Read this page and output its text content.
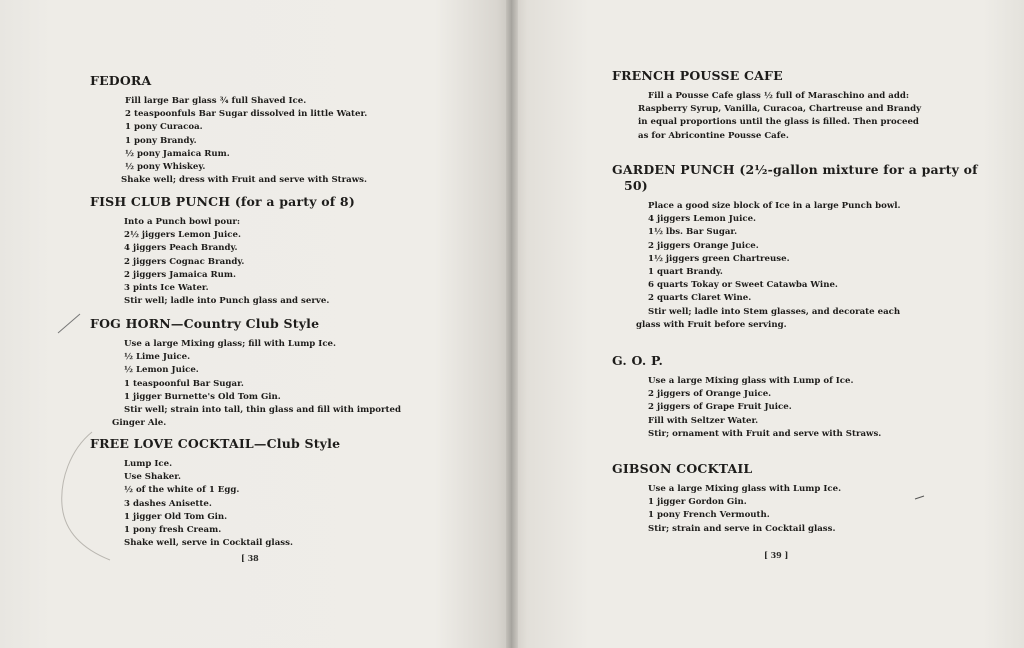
FEDORA
Fill large Bar glass ¾ full Shaved Ice.
2 teaspoonfuls Bar Sugar dissolved in little Water.
1 pony Curacoa.
1 pony Brandy.
½ pony Jamaica Rum.
½ pony Whiskey.
Shake well; dress with Fruit and serve with Straws.
FISH CLUB PUNCH (for a party of 8)
Into a Punch bowl pour:
2½ jiggers Lemon Juice.
4 jiggers Peach Brandy.
2 jiggers Cognac Brandy.
2 jiggers Jamaica Rum.
3 pints Ice Water.
Stir well; ladle into Punch glass and serve.
FOG HORN—Country Club Style
Use a large Mixing glass; fill with Lump Ice.
½ Lime Juice.
½ Lemon Juice.
1 teaspoonful Bar Sugar.
1 jigger Burnette's Old Tom Gin.
Stir well; strain into tall, thin glass and fill with imported
Ginger Ale.
FREE LOVE COCKTAIL—Club Style
Lump Ice.
Use Shaker.
½ of the white of 1 Egg.
3 dashes Anisette.
1 jigger Old Tom Gin.
1 pony fresh Cream.
Shake well, serve in Cocktail glass.
[ 38
FRENCH POUSSE CAFE
Fill a Pousse Cafe glass ½ full of Maraschino and add:
Raspberry Syrup, Vanilla, Curacoa, Chartreuse and Brandy
in equal proportions until the glass is filled. Then proceed
as for Abricontine Pousse Cafe.
GARDEN PUNCH (2½-gallon mixture for a party of
50)
Place a good size block of Ice in a large Punch bowl.
4 jiggers Lemon Juice.
1½ lbs. Bar Sugar.
2 jiggers Orange Juice.
1½ jiggers green Chartreuse.
1 quart Brandy.
6 quarts Tokay or Sweet Catawba Wine.
2 quarts Claret Wine.
Stir well; ladle into Stem glasses, and decorate each
glass with Fruit before serving.
G. O. P.
Use a large Mixing glass with Lump of Ice.
2 jiggers of Orange Juice.
2 jiggers of Grape Fruit Juice.
Fill with Seltzer Water.
Stir; ornament with Fruit and serve with Straws.
GIBSON COCKTAIL
Use a large Mixing glass with Lump Ice.
1 jigger Gordon Gin.
1 pony French Vermouth.
Stir; strain and serve in Cocktail glass.
[ 39 ]
